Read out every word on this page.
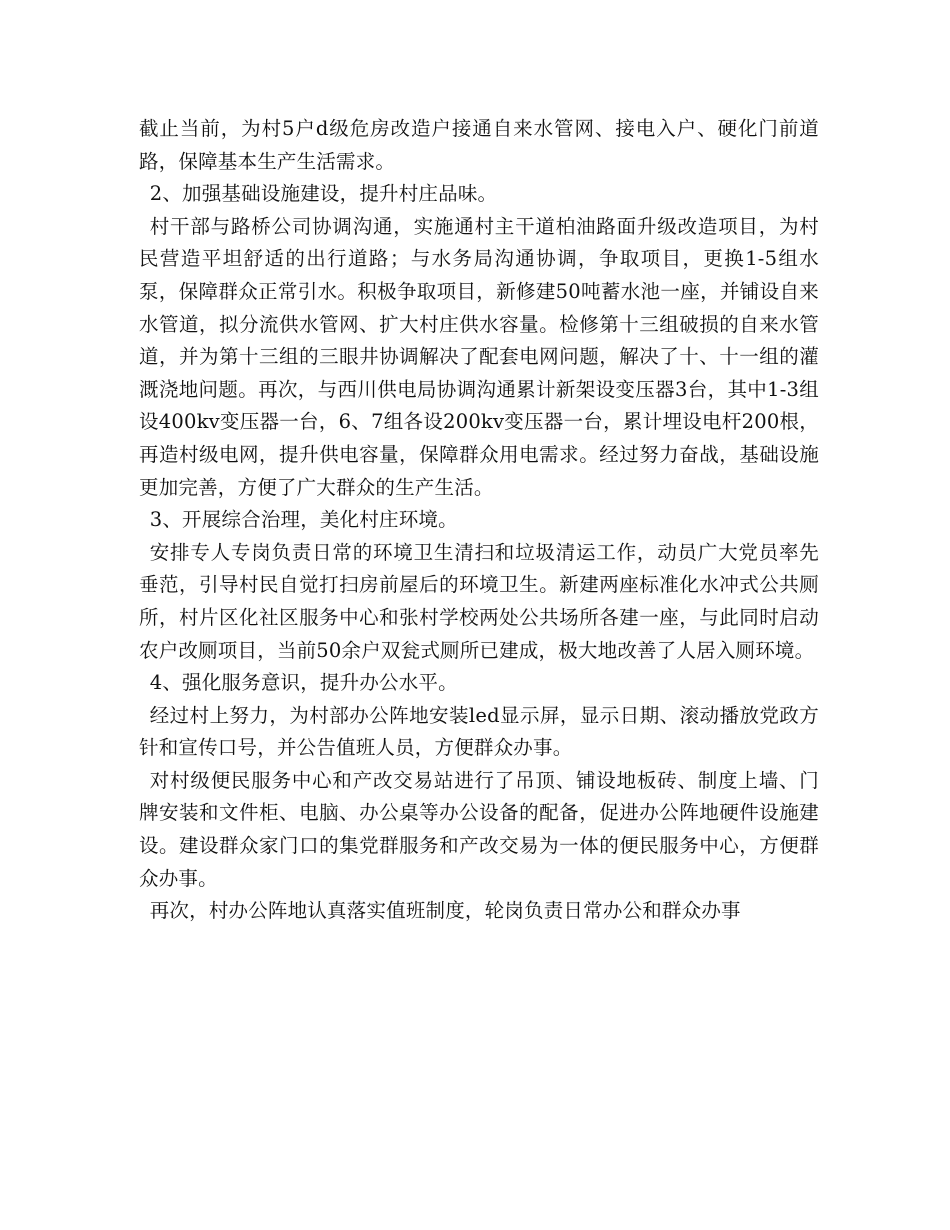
截止当前，为村5户d级危房改造户接通自来水管网、接电入户、硬化门前道路，保障基本生产生活需求。

2、加强基础设施建设，提升村庄品味。

村干部与路桥公司协调沟通，实施通村主干道柏油路面升级改造项目，为村民营造平坦舒适的出行道路；与水务局沟通协调，争取项目，更换1-5组水泵，保障群众正常引水。积极争取项目，新修建50吨蓄水池一座，并铺设自来水管道，拟分流供水管网、扩大村庄供水容量。检修第十三组破损的自来水管道，并为第十三组的三眼井协调解决了配套电网问题，解决了十、十一组的灌溉浇地问题。再次，与西川供电局协调沟通累计新架设变压器3台，其中1-3组设400kv变压器一台，6、7组各设200kv变压器一台，累计埋设电杆200根，再造村级电网，提升供电容量，保障群众用电需求。经过努力奋战，基础设施更加完善，方便了广大群众的生产生活。

3、开展综合治理，美化村庄环境。

安排专人专岗负责日常的环境卫生清扫和垃圾清运工作，动员广大党员率先垂范，引导村民自觉打扫房前屋后的环境卫生。新建两座标准化水冲式公共厕所，村片区化社区服务中心和张村学校两处公共场所各建一座，与此同时启动农户改厕项目，当前50余户双瓮式厕所已建成，极大地改善了人居入厕环境。

4、强化服务意识，提升办公水平。

经过村上努力，为村部办公阵地安装led显示屏，显示日期、滚动播放党政方针和宣传口号，并公告值班人员，方便群众办事。

对村级便民服务中心和产改交易站进行了吊顶、铺设地板砖、制度上墙、门牌安装和文件柜、电脑、办公桌等办公设备的配备，促进办公阵地硬件设施建设。建设群众家门口的集党群服务和产改交易为一体的便民服务中心，方便群众办事。

再次，村办公阵地认真落实值班制度，轮岗负责日常办公和群众办事
